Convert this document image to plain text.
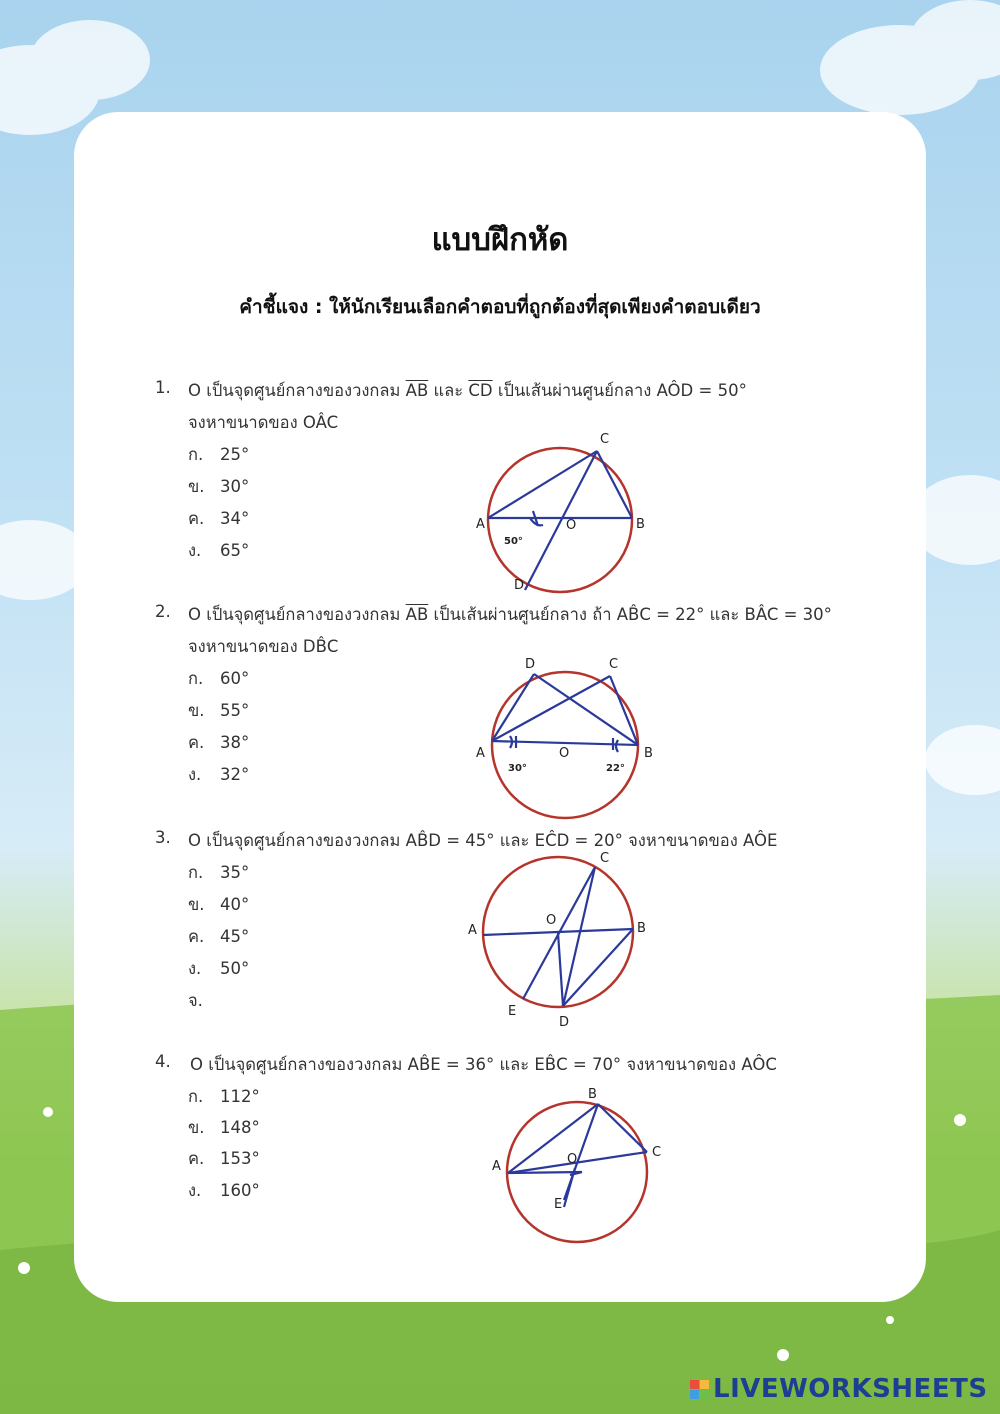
แบบฝึกหัด
คำชี้แจง : ให้นักเรียนเลือกคำตอบที่ถูกต้องที่สุดเพียงคำตอบเดียว
1. O เป็นจุดศูนย์กลางของวงกลม $\overline{AB}$ และ $\overline{CD}$ เป็นเส้นผ่านศูนย์กลาง AÔD = 50°
จงหาขนาดของ OÂC
ก. 25°
ข. 30°
ค. 34°
ง. 65°
A	B
C
D
O
50°
2. O เป็นจุดศูนย์กลางของวงกลม $\overline{AB}$ เป็นเส้นผ่านศูนย์กลาง ถ้า AB̂C = 22° และ BÂC = 30°
จงหาขนาดของ DB̂C
ก. 60°
ข. 55°
ค. 38°
ง. 32°
A	B
C
D
O
30°	22°
3. O เป็นจุดศูนย์กลางของวงกลม AB̂D = 45° และ EĈD = 20° จงหาขนาดของ AÔE
ก. 35°
ข. 40°
ค. 45°
ง. 50°
จ.
A	B
C
D
E
O
4. O เป็นจุดศูนย์กลางของวงกลม AB̂E = 36° และ EB̂C = 70° จงหาขนาดของ AÔC
ก. 112°
ข. 148°
ค. 153°
ง. 160°
A
B
C
E
O
LIVEWORKSHEETS
